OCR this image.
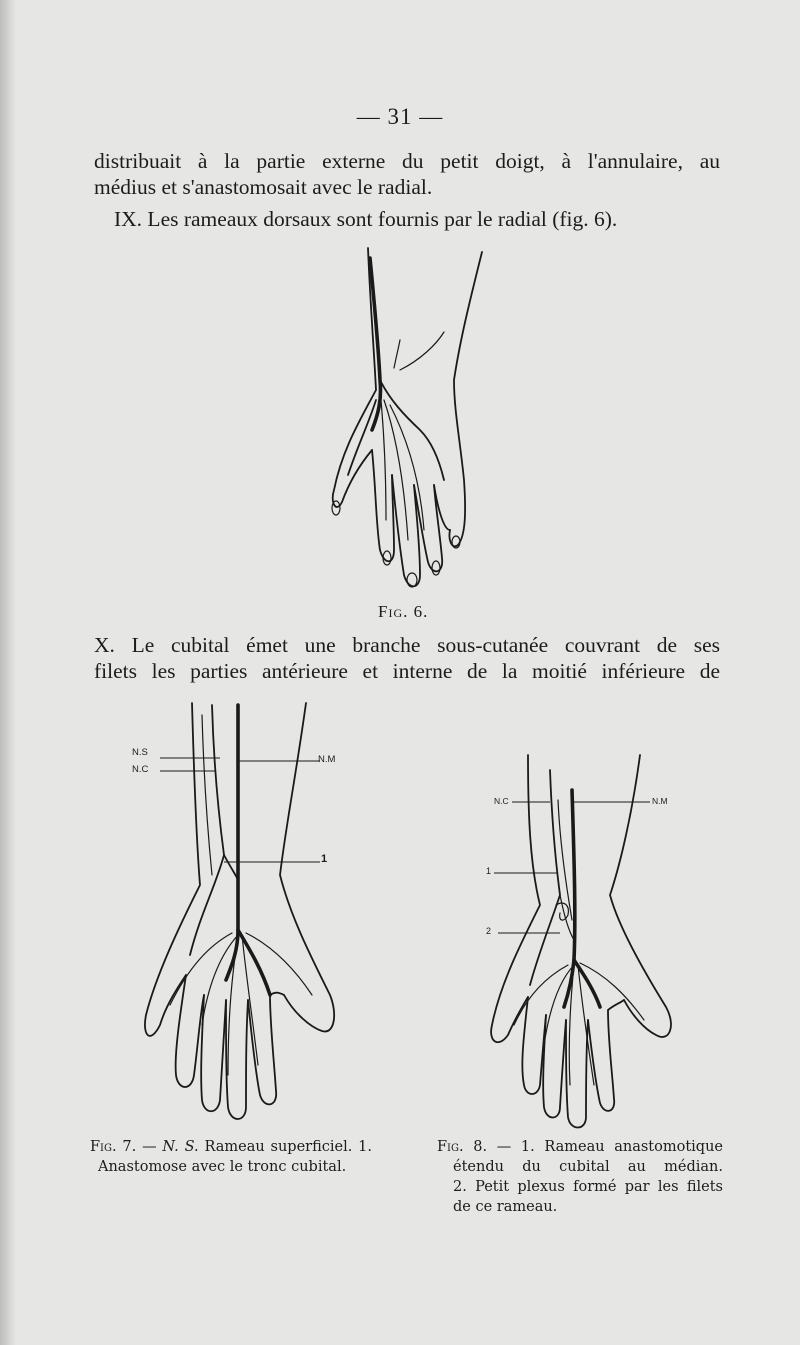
— 31 —
distribuait à la partie externe du petit doigt, à l'annulaire, au
médius et s'anastomosait avec le radial.
IX. Les rameaux dorsaux sont fournis par le radial (fig. 6).
Fig. 6.
X. Le cubital émet une branche sous-cutanée couvrant de ses
filets les parties antérieure et interne de la moitié inférieure de
N.S
N.C
N.M
1
N.C	N.M
1
2
Fig. 7. — N. S. Rameau superficiel. 1.
Anastomose avec le tronc cubital.
Fig. 8. — 1. Rameau anastomotique
étendu du cubital au médian.
2. Petit plexus formé par les filets
de ce rameau.
